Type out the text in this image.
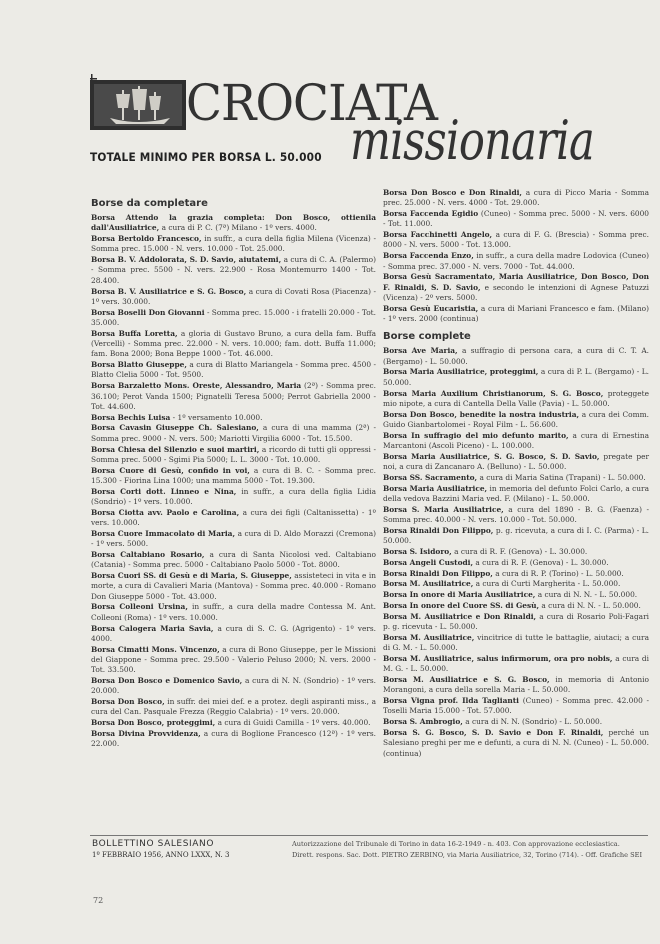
CROCIATA
missionaria
TOTALE MINIMO PER BORSA L. 50.000
Borse da completare
Borsa Attendo la grazia completa: Don Bosco, ottienila dall'Ausiliatrice, a cura di P. C. (7ª) Milano - 1º vers. 4000.
Borsa Bertoldo Francesco, in suffr., a cura della figlia Milena (Vicenza) - Somma prec. 15.000 - N. vers. 10.000 - Tot. 25.000.
Borsa B. V. Addolorata, S. D. Savio, aiutatemi, a cura di C. A. (Palermo) - Somma prec. 5500 - N. vers. 22.900 - Rosa Montemurro 1400 - Tot. 28.400.
Borsa B. V. Ausiliatrice e S. G. Bosco, a cura di Covati Rosa (Piacenza) - 1º vers. 30.000.
Borsa Boselli Don Giovanni - Somma prec. 15.000 - i fratelli 20.000 - Tot. 35.000.
Borsa Buffa Loretta, a gloria di Gustavo Bruno, a cura della fam. Buffa (Vercelli) - Somma prec. 22.000 - N. vers. 10.000; fam. dott. Buffa 11.000; fam. Bona 2000; Bona Beppe 1000 - Tot. 46.000.
Borsa Blatto Giuseppe, a cura di Blatto Mariangela - Somma prec. 4500 - Blatto Clelia 5000 - Tot. 9500.
Borsa Barzaletto Mons. Oreste, Alessandro, Maria (2ª) - Somma prec. 36.100; Perot Vanda 1500; Pignatelli Teresa 5000; Perrot Gabriella 2000 - Tot. 44.600.
Borsa Bechis Luisa - 1º versamento 10.000.
Borsa Cavasin Giuseppe Ch. Salesiano, a cura di una mamma (2ª) - Somma prec. 9000 - N. vers. 500; Mariotti Virgilia 6000 - Tot. 15.500.
Borsa Chiesa del Silenzio e suoi martiri, a ricordo di tutti gli oppressi - Somma prec. 5000 - Sgimi Pia 5000; L. L. 3000 - Tot. 10.000.
Borsa Cuore di Gesù, confido in voi, a cura di B. C. - Somma prec. 15.300 - Fiorina Lina 1000; una mamma 5000 - Tot. 19.300.
Borsa Corti dott. Linneo e Nina, in suffr., a cura della figlia Lidia (Sondrio) - 1º vers. 10.000.
Borsa Ciotta avv. Paolo e Carolina, a cura dei figli (Caltanissetta) - 1º vers. 10.000.
Borsa Cuore Immacolato di Maria, a cura di D. Aldo Morazzi (Cremona) - 1º vers. 5000.
Borsa Caltabiano Rosario, a cura di Santa Nicolosi ved. Caltabiano (Catania) - Somma prec. 5000 - Caltabiano Paolo 5000 - Tot. 8000.
Borsa Cuori SS. di Gesù e di Maria, S. Giuseppe, assisteteci in vita e in morte, a cura di Cavalieri Maria (Mantova) - Somma prec. 40.000 - Romano Don Giuseppe 5000 - Tot. 43.000.
Borsa Colleoni Ursina, in suffr., a cura della madre Contessa M. Ant. Colleoni (Roma) - 1º vers. 10.000.
Borsa Calogera Maria Savia, a cura di S. C. G. (Agrigento) - 1º vers. 4000.
Borsa Cimatti Mons. Vincenzo, a cura di Bono Giuseppe, per le Missioni del Giappone - Somma prec. 29.500 - Valerio Peluso 2000; N. vers. 2000 - Tot. 33.500.
Borsa Don Bosco e Domenico Savio, a cura di N. N. (Sondrio) - 1º vers. 20.000.
Borsa Don Bosco, in suffr. dei miei def. e a protez. degli aspiranti miss., a cura del Can. Pasquale Frezza (Reggio Calabria) - 1º vers. 20.000.
Borsa Don Bosco, proteggimi, a cura di Guidi Camilla - 1º vers. 40.000.
Borsa Divina Provvidenza, a cura di Boglione Francesco (12ª) - 1º vers. 22.000.
Borsa Don Bosco e Don Rinaldi, a cura di Picco Maria - Somma prec. 25.000 - N. vers. 4000 - Tot. 29.000.
Borsa Faccenda Egidio (Cuneo) - Somma prec. 5000 - N. vers. 6000 - Tot. 11.000.
Borsa Facchinetti Angelo, a cura di F. G. (Brescia) - Somma prec. 8000 - N. vers. 5000 - Tot. 13.000.
Borsa Faccenda Enzo, in suffr., a cura della madre Lodovica (Cuneo) - Somma prec. 37.000 - N. vers. 7000 - Tot. 44.000.
Borsa Gesù Sacramentato, Maria Ausiliatrice, Don Bosco, Don F. Rinaldi, S. D. Savio, e secondo le intenzioni di Agnese Patuzzi (Vicenza) - 2º vers. 5000.
Borsa Gesù Eucaristia, a cura di Mariani Francesco e fam. (Milano) - 1º vers. 2000 (continua)
Borse complete
Borsa Ave Maria, a suffragio di persona cara, a cura di C. T. A. (Bergamo) - L. 50.000.
Borsa Maria Ausiliatrice, proteggimi, a cura di P. L. (Bergamo) - L. 50.000.
Borsa Maria Auxilium Christianorum, S. G. Bosco, proteggete mio nipote, a cura di Cantella Della Valle (Pavia) - L. 50.000.
Borsa Don Bosco, benedite la nostra industria, a cura dei Comm. Guido Gianbartolomei - Royal Film - L. 56.600.
Borsa In suffragio del mio defunto marito, a cura di Ernestina Marcantoni (Ascoli Piceno) - L. 100.000.
Borsa Maria Ausiliatrice, S. G. Bosco, S. D. Savio, pregate per noi, a cura di Zancanaro A. (Belluno) - L. 50.000.
Borsa SS. Sacramento, a cura di Maria Satina (Trapani) - L. 50.000.
Borsa Maria Ausiliatrice, in memoria del defunto Folci Carlo, a cura della vedova Bazzini Maria ved. F. (Milano) - L. 50.000.
Borsa S. Maria Ausiliatrice, a cura del 1890 - B. G. (Faenza) - Somma prec. 40.000 - N. vers. 10.000 - Tot. 50.000.
Borsa Rinaldi Don Filippo, p. g. ricevuta, a cura di I. C. (Parma) - L. 50.000.
Borsa S. Isidoro, a cura di R. F. (Genova) - L. 30.000.
Borsa Angeli Custodi, a cura di R. F. (Genova) - L. 30.000.
Borsa Rinaldi Don Filippo, a cura di R. P. (Torino) - L. 50.000.
Borsa M. Ausiliatrice, a cura di Curti Margherita - L. 50.000.
Borsa In onore di Maria Ausiliatrice, a cura di N. N. - L. 50.000.
Borsa In onore del Cuore SS. di Gesù, a cura di N. N. - L. 50.000.
Borsa M. Ausiliatrice e Don Rinaldi, a cura di Rosario Poli-Fagari p. g. ricevuta - L. 50.000.
Borsa M. Ausiliatrice, vincitrice di tutte le battaglie, aiutaci; a cura di G. M. - L. 50.000.
Borsa M. Ausiliatrice, salus infirmorum, ora pro nobis, a cura di M. G. - L. 50.000.
Borsa M. Ausiliatrice e S. G. Bosco, in memoria di Antonio Morangoni, a cura della sorella Maria - L. 50.000.
Borsa Vigna prof. Ilda Taglianti (Cuneo) - Somma prec. 42.000 - Toselli Maria 15.000 - Tot. 57.000.
Borsa S. Ambrogio, a cura di N. N. (Sondrio) - L. 50.000.
Borsa S. G. Bosco, S. D. Savio e Don F. Rinaldi, perché un Salesiano preghi per me e defunti, a cura di N. N. (Cuneo) - L. 50.000. (continua)
BOLLETTINO SALESIANO
1º FEBBRAIO 1956, ANNO LXXX, N. 3
Autorizzazione del Tribunale di Torino in data 16-2-1949 - n. 403. Con approvazione ecclesiastica.
Dirett. respons. Sac. Dott. PIETRO ZERBINO, via Maria Ausiliatrice, 32, Torino (714). - Off. Grafiche SEI
72
